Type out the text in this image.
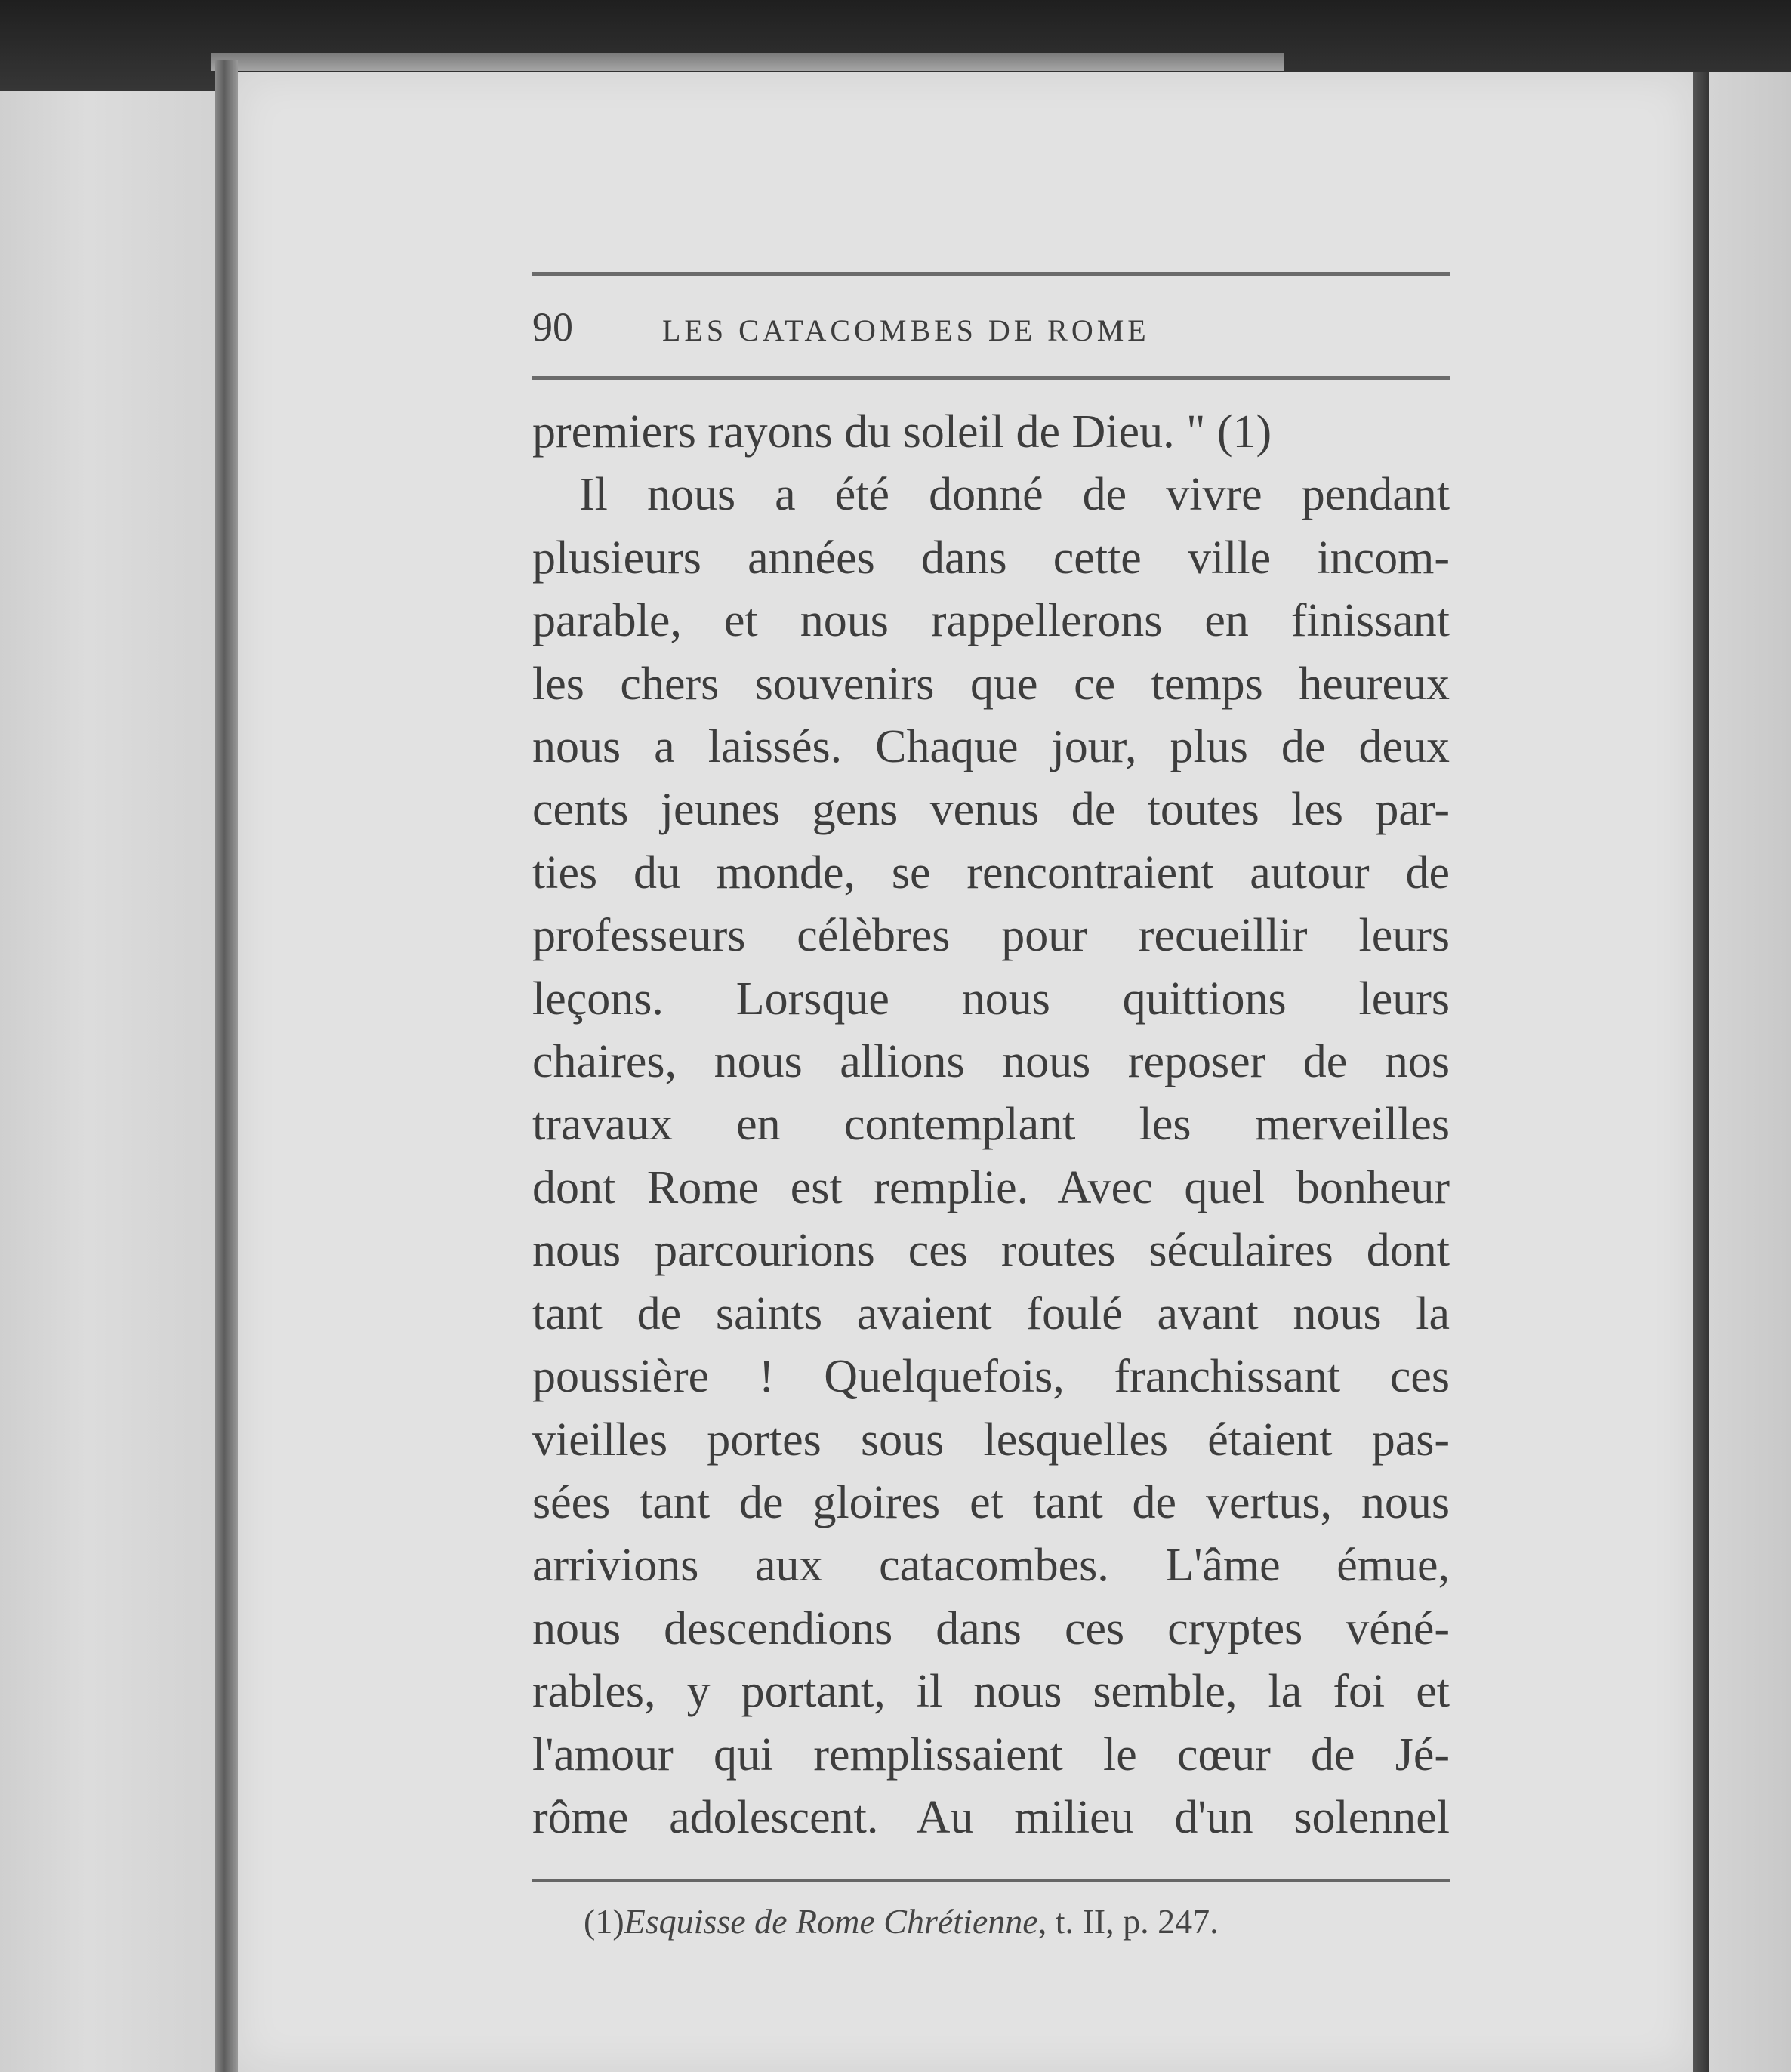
90	LES CATACOMBES DE ROME
premiers rayons du soleil de Dieu. " (1)
Il nous a été donné de vivre pendant
plusieurs années dans cette ville incom-
parable, et nous rappellerons en finissant
les chers souvenirs que ce temps heureux
nous a laissés. Chaque jour, plus de deux
cents jeunes gens venus de toutes les par-
ties du monde, se rencontraient autour de
professeurs célèbres pour recueillir leurs
leçons. Lorsque nous quittions leurs
chaires, nous allions nous reposer de nos
travaux en contemplant les merveilles
dont Rome est remplie. Avec quel bonheur
nous parcourions ces routes séculaires dont
tant de saints avaient foulé avant nous la
poussière ! Quelquefois, franchissant ces
vieilles portes sous lesquelles étaient pas-
sées tant de gloires et tant de vertus, nous
arrivions aux catacombes. L'âme émue,
nous descendions dans ces cryptes véné-
rables, y portant, il nous semble, la foi et
l'amour qui remplissaient le cœur de Jé-
rôme adolescent. Au milieu d'un solennel
(1)Esquisse de Rome Chrétienne, t. II, p. 247.
